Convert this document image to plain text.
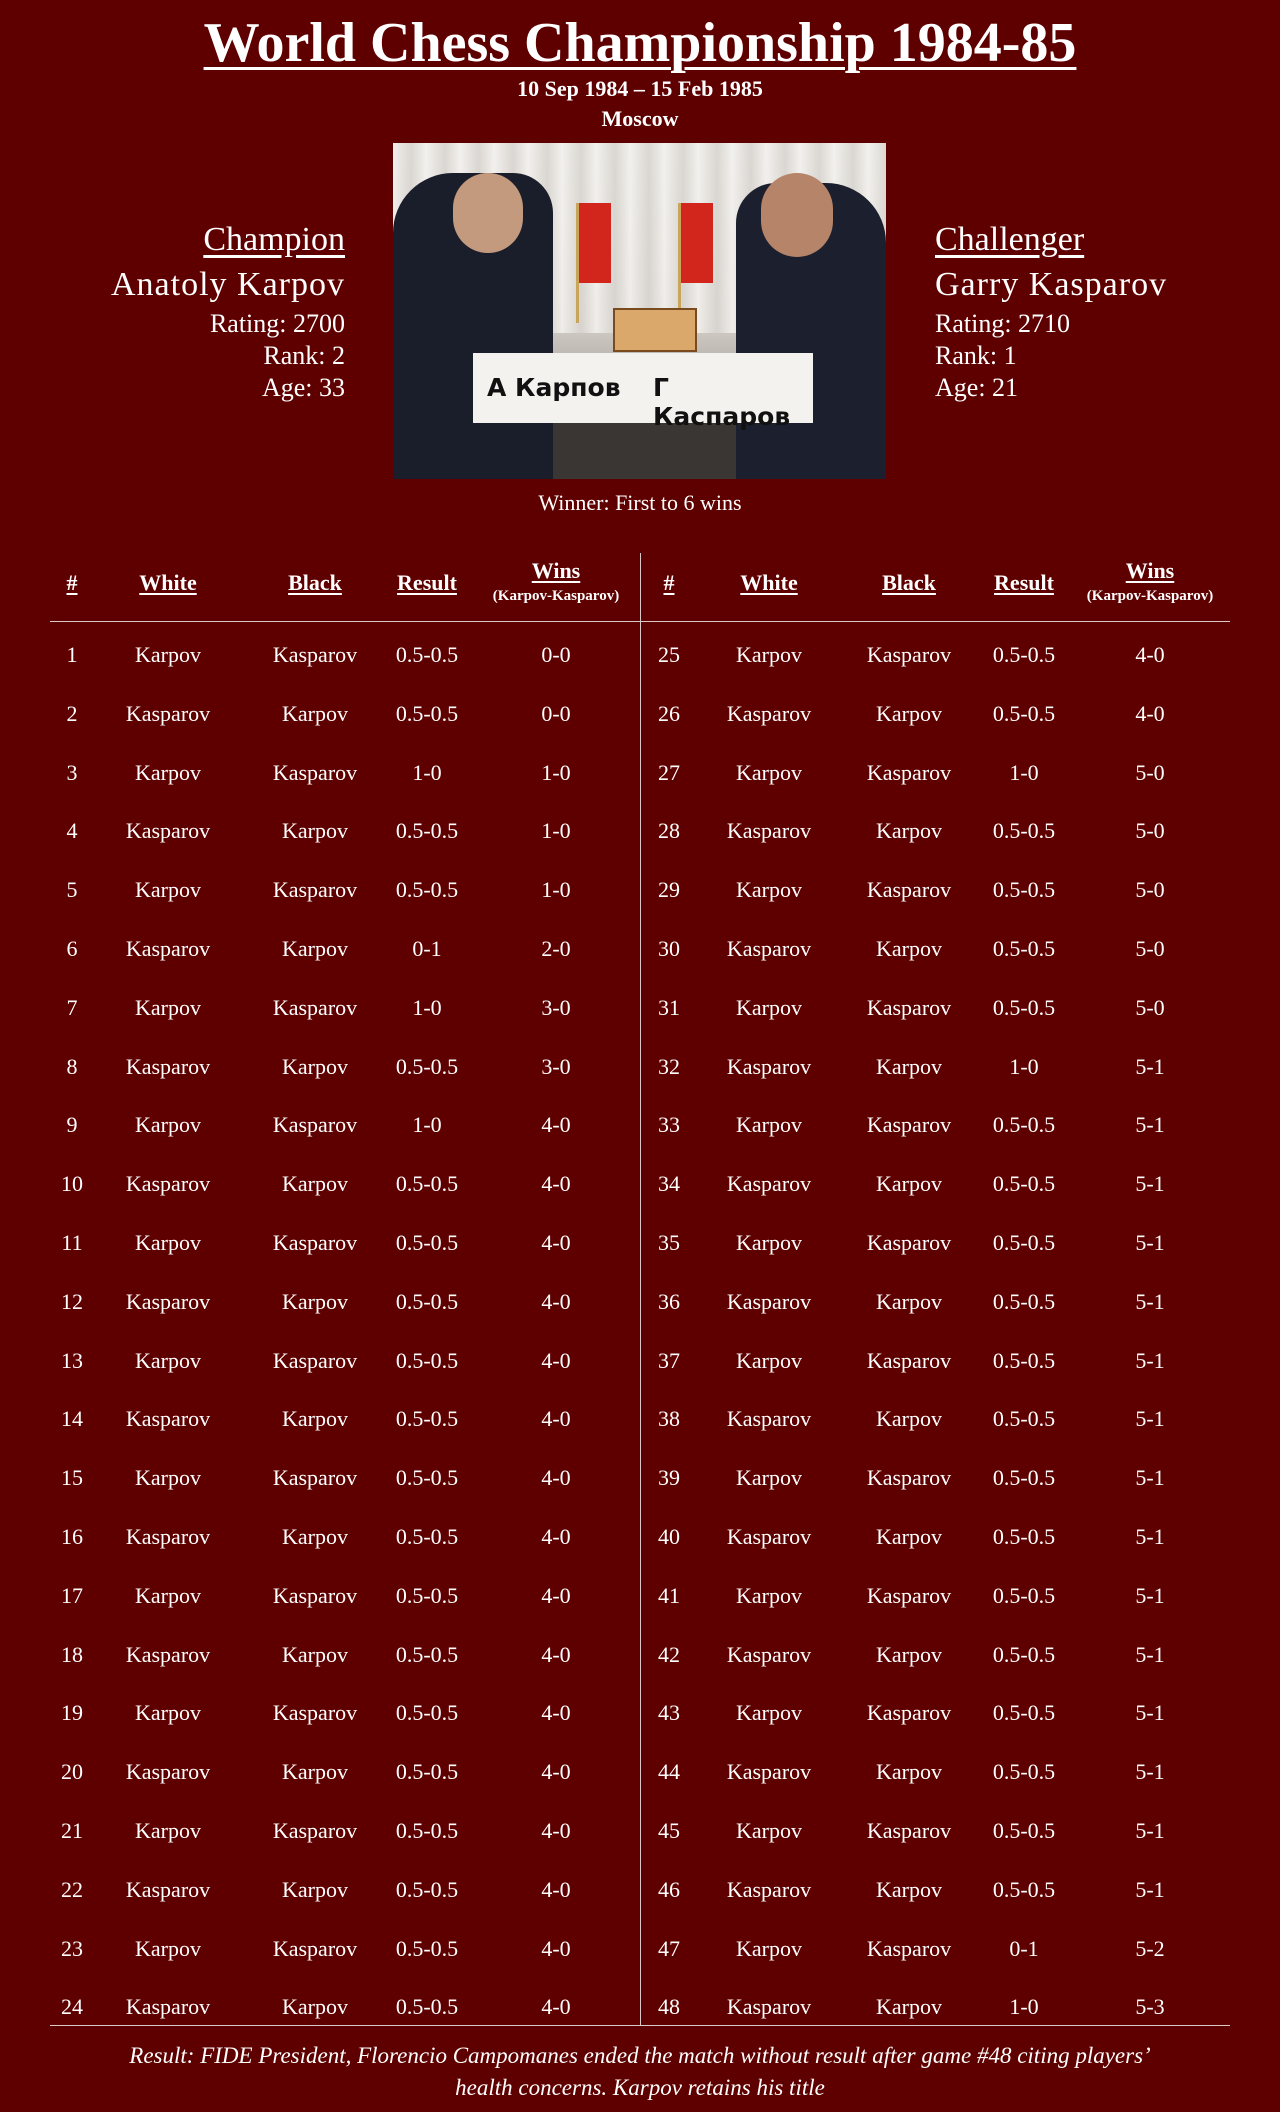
World Chess Championship 1984-85
10 Sep 1984 – 15 Feb 1985
Moscow
Champion
Anatoly Karpov
Rating: 2700
Rank: 2
Age: 33	А Карпов Г Каспаров
Challenger
Garry Kasparov
Rating: 2710
Rank: 1
Age: 21
Winner: First to 6 wins
#	White	Black	Result	Wins
(Karpov-Kasparov)
1	Karpov	Kasparov	0.5-0.5	0-0
2	Kasparov	Karpov	0.5-0.5	0-0
3	Karpov	Kasparov	1-0	1-0
4	Kasparov	Karpov	0.5-0.5	1-0
5	Karpov	Kasparov	0.5-0.5	1-0
6	Kasparov	Karpov	0-1	2-0
7	Karpov	Kasparov	1-0	3-0
8	Kasparov	Karpov	0.5-0.5	3-0
9	Karpov	Kasparov	1-0	4-0
10	Kasparov	Karpov	0.5-0.5	4-0
11	Karpov	Kasparov	0.5-0.5	4-0
12	Kasparov	Karpov	0.5-0.5	4-0
13	Karpov	Kasparov	0.5-0.5	4-0
14	Kasparov	Karpov	0.5-0.5	4-0
15	Karpov	Kasparov	0.5-0.5	4-0
16	Kasparov	Karpov	0.5-0.5	4-0
17	Karpov	Kasparov	0.5-0.5	4-0
18	Kasparov	Karpov	0.5-0.5	4-0
19	Karpov	Kasparov	0.5-0.5	4-0
20	Kasparov	Karpov	0.5-0.5	4-0
21	Karpov	Kasparov	0.5-0.5	4-0
22	Kasparov	Karpov	0.5-0.5	4-0
23	Karpov	Kasparov	0.5-0.5	4-0
24	Kasparov	Karpov	0.5-0.5	4-0
#	White	Black	Result	Wins
(Karpov-Kasparov)
25	Karpov	Kasparov	0.5-0.5	4-0
26	Kasparov	Karpov	0.5-0.5	4-0
27	Karpov	Kasparov	1-0	5-0
28	Kasparov	Karpov	0.5-0.5	5-0
29	Karpov	Kasparov	0.5-0.5	5-0
30	Kasparov	Karpov	0.5-0.5	5-0
31	Karpov	Kasparov	0.5-0.5	5-0
32	Kasparov	Karpov	1-0	5-1
33	Karpov	Kasparov	0.5-0.5	5-1
34	Kasparov	Karpov	0.5-0.5	5-1
35	Karpov	Kasparov	0.5-0.5	5-1
36	Kasparov	Karpov	0.5-0.5	5-1
37	Karpov	Kasparov	0.5-0.5	5-1
38	Kasparov	Karpov	0.5-0.5	5-1
39	Karpov	Kasparov	0.5-0.5	5-1
40	Kasparov	Karpov	0.5-0.5	5-1
41	Karpov	Kasparov	0.5-0.5	5-1
42	Kasparov	Karpov	0.5-0.5	5-1
43	Karpov	Kasparov	0.5-0.5	5-1
44	Kasparov	Karpov	0.5-0.5	5-1
45	Karpov	Kasparov	0.5-0.5	5-1
46	Kasparov	Karpov	0.5-0.5	5-1
47	Karpov	Kasparov	0-1	5-2
48	Kasparov	Karpov	1-0	5-3
Result: FIDE President, Florencio Campomanes ended the match without result after game #48 citing players’
health concerns. Karpov retains his title
